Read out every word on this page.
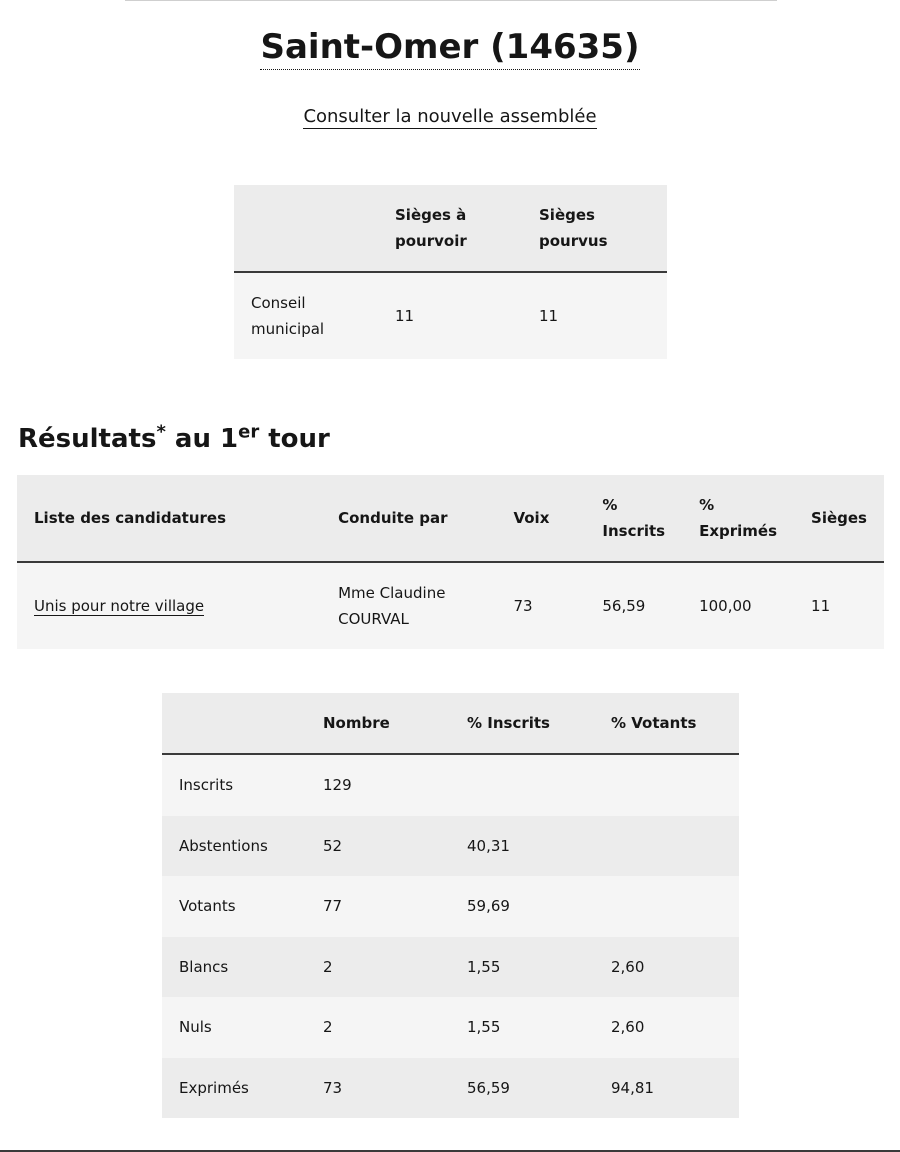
Saint-Omer (14635)
Consulter la nouvelle assemblée
	Sièges à pourvoir	Sièges pourvus
Conseil municipal	11	11
Résultats* au 1er tour
Liste des candidatures	Conduite par	Voix	% Inscrits	% Exprimés	Sièges
Unis pour notre village	Mme Claudine COURVAL	73	56,59	100,00	11
	Nombre	% Inscrits	% Votants
Inscrits	129		
Abstentions	52	40,31	
Votants	77	59,69	
Blancs	2	1,55	2,60
Nuls	2	1,55	2,60
Exprimés	73	56,59	94,81
